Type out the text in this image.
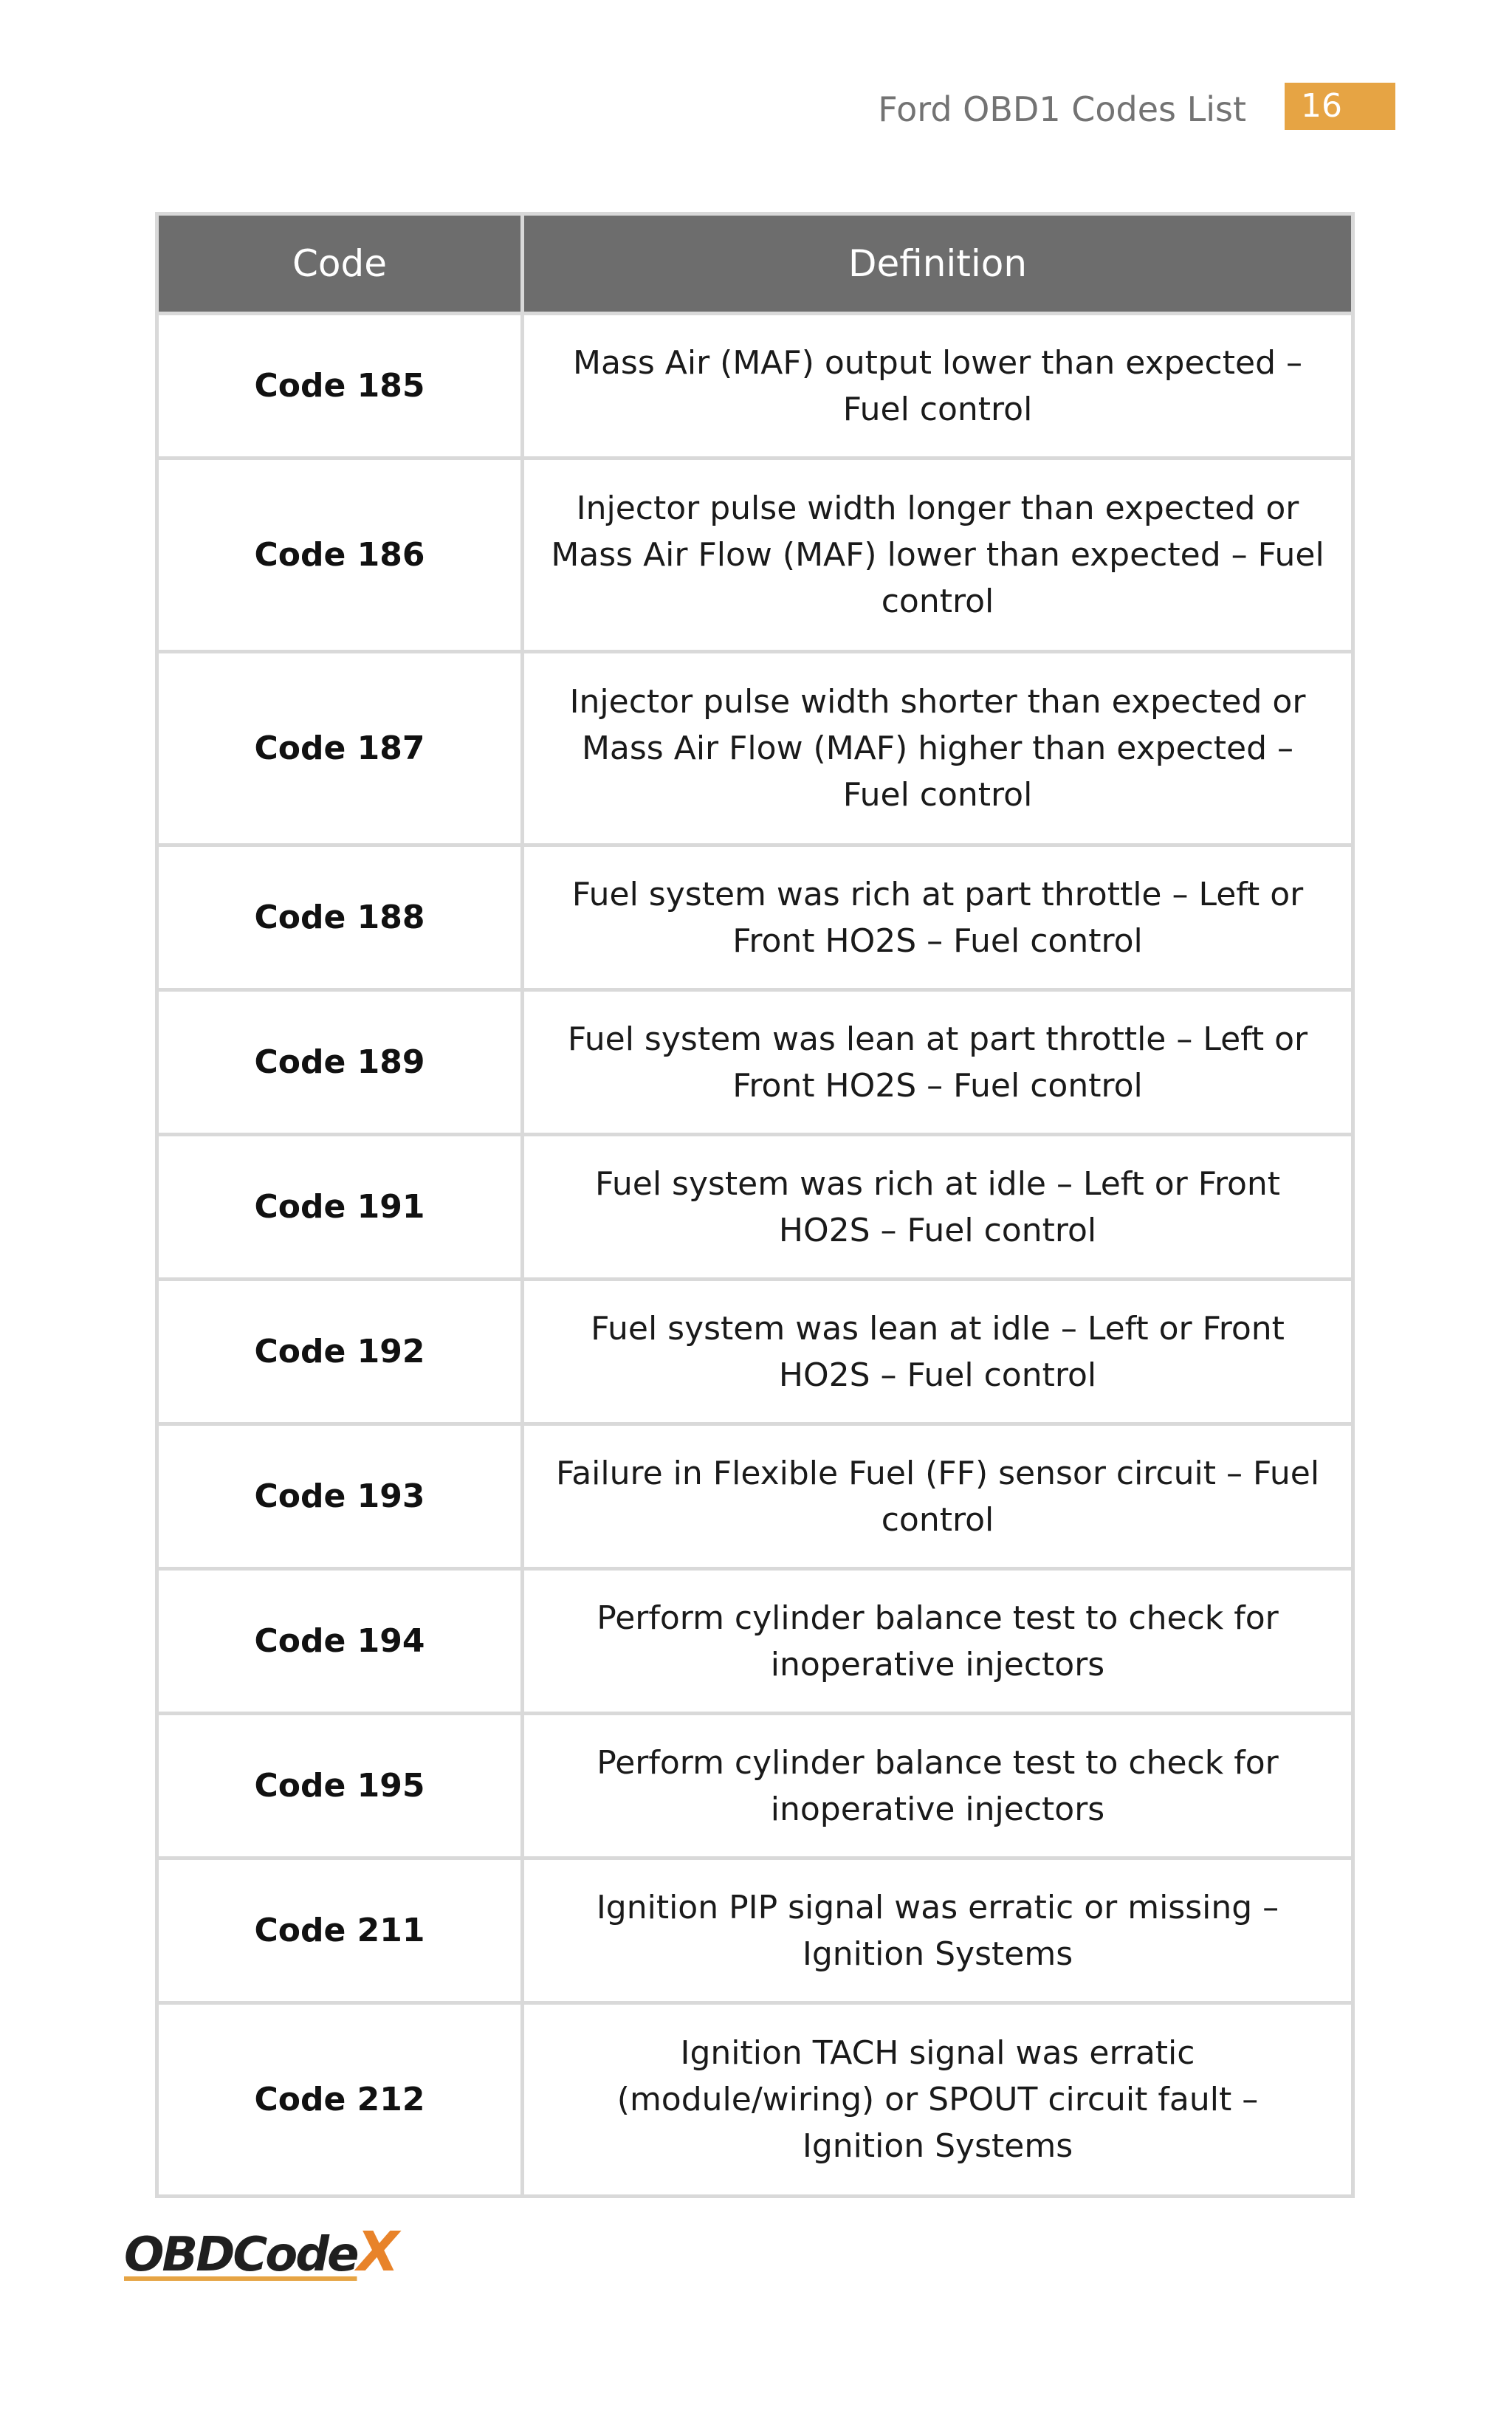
Ford OBD1 Codes List	16
Code	Definition
Code 185	Mass Air (MAF) output lower than expected –
Fuel control

Code 186	Injector pulse width longer than expected or
Mass Air Flow (MAF) lower than expected – Fuel
control

Code 187	Injector pulse width shorter than expected or
Mass Air Flow (MAF) higher than expected –
Fuel control

Code 188	Fuel system was rich at part throttle – Left or
Front HO2S – Fuel control

Code 189	Fuel system was lean at part throttle – Left or
Front HO2S – Fuel control

Code 191	Fuel system was rich at idle – Left or Front
HO2S – Fuel control

Code 192	Fuel system was lean at idle – Left or Front
HO2S – Fuel control

Code 193	Failure in Flexible Fuel (FF) sensor circuit – Fuel
control

Code 194	Perform cylinder balance test to check for
inoperative injectors

Code 195	Perform cylinder balance test to check for
inoperative injectors

Code 211	Ignition PIP signal was erratic or missing –
Ignition Systems

Code 212	Ignition TACH signal was erratic
(module/wiring) or SPOUT circuit fault –
Ignition Systems
OBDCodeX
